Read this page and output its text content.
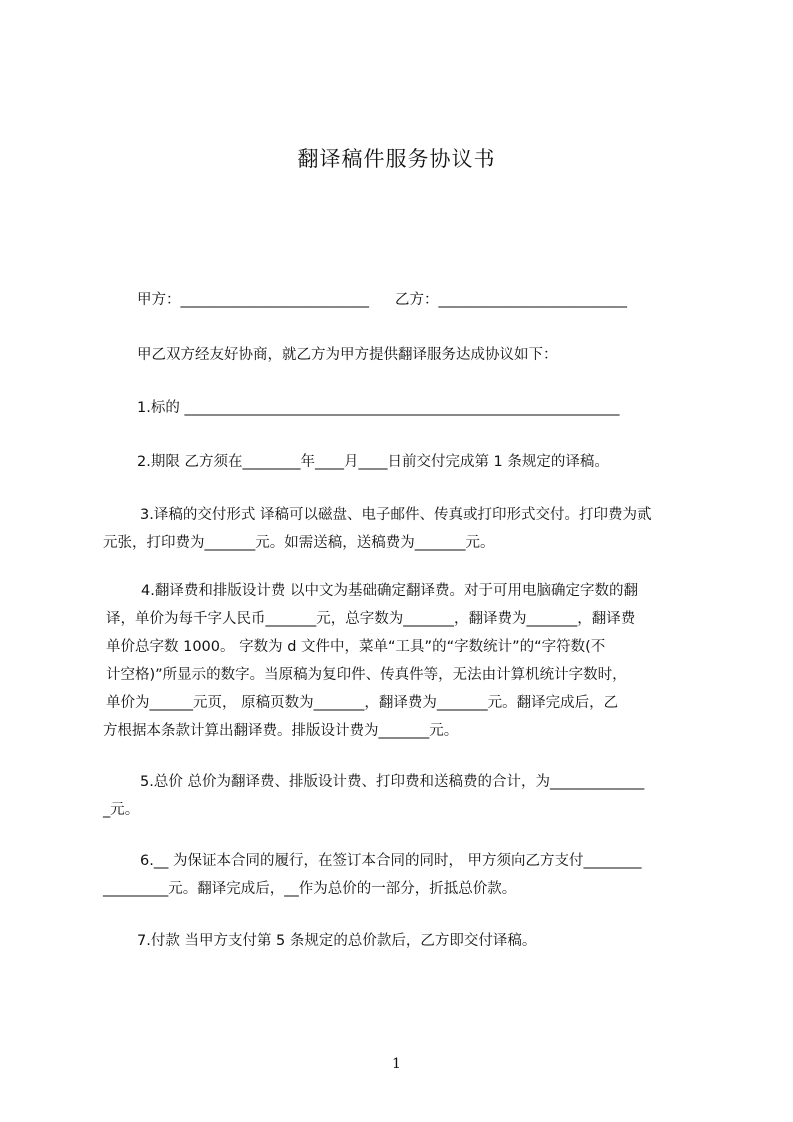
翻译稿件服务协议书
甲方：__________________________ 乙方：__________________________
甲乙双方经友好协商，就乙方为甲方提供翻译服务达成协议如下：
1.标的 ____________________________________________________________
2.期限 乙方须在________年____月____日前交付完成第 1 条规定的译稿。
3.译稿的交付形式 译稿可以磁盘、电子邮件、传真或打印形式交付。打印费为贰
元张，打印费为_______元。如需送稿，送稿费为_______元。
4.翻译费和排版设计费 以中文为基础确定翻译费。对于可用电脑确定字数的翻
译，单价为每千字人民币_______元，总字数为_______，翻译费为_______，翻译费
单价总字数 1000。 字数为 d 文件中，菜单“工具”的“字数统计”的“字符数(不
计空格)”所显示的数字。当原稿为复印件、传真件等，无法由计算机统计字数时，
单价为______元页， 原稿页数为_______，翻译费为_______元。翻译完成后，乙
方根据本条款计算出翻译费。排版设计费为_______元。
5.总价 总价为翻译费、排版设计费、打印费和送稿费的合计，为_____________
_元。
6.__ 为保证本合同的履行，在签订本合同的同时， 甲方须向乙方支付________
_________元。翻译完成后，__作为总价的一部分，折抵总价款。
7.付款 当甲方支付第 5 条规定的总价款后，乙方即交付译稿。
1
